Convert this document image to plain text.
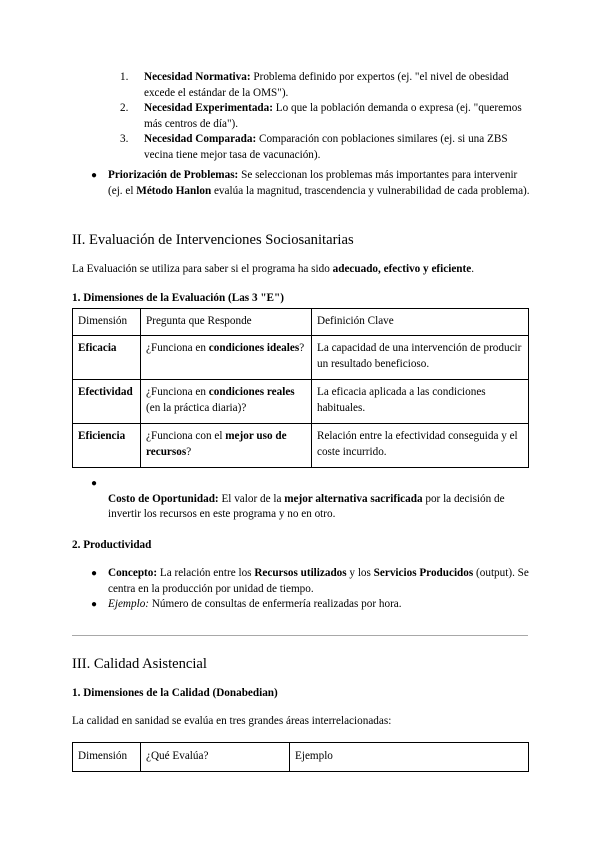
1. Necesidad Normativa: Problema definido por expertos (ej. "el nivel de obesidad excede el estándar de la OMS").
2. Necesidad Experimentada: Lo que la población demanda o expresa (ej. "queremos más centros de día").
3. Necesidad Comparada: Comparación con poblaciones similares (ej. si una ZBS vecina tiene mejor tasa de vacunación).
● Priorización de Problemas: Se seleccionan los problemas más importantes para intervenir (ej. el Método Hanlon evalúa la magnitud, trascendencia y vulnerabilidad de cada problema).
II. Evaluación de Intervenciones Sociosanitarias

La Evaluación se utiliza para saber si el programa ha sido adecuado, efectivo y eficiente.

1. Dimensiones de la Evaluación (Las 3 "E")
Dimensión	Pregunta que Responde	Definición Clave
Eficacia	¿Funciona en condiciones ideales?	La capacidad de una intervención de producir un resultado beneficioso.
Efectividad	¿Funciona en condiciones reales (en la práctica diaria)?	La eficacia aplicada a las condiciones habituales.
Eficiencia	¿Funciona con el mejor uso de recursos?	Relación entre la efectividad conseguida y el coste incurrido.
●

Costo de Oportunidad: El valor de la mejor alternativa sacrificada por la decisión de invertir los recursos en este programa y no en otro.
2. Productividad
● Concepto: La relación entre los Recursos utilizados y los Servicios Producidos (output). Se centra en la producción por unidad de tiempo.
● Ejemplo: Número de consultas de enfermería realizadas por hora.
III. Calidad Asistencial
1. Dimensiones de la Calidad (Donabedian)

La calidad en sanidad se evalúa en tres grandes áreas interrelacionadas:

Dimensión	¿Qué Evalúa?	Ejemplo
